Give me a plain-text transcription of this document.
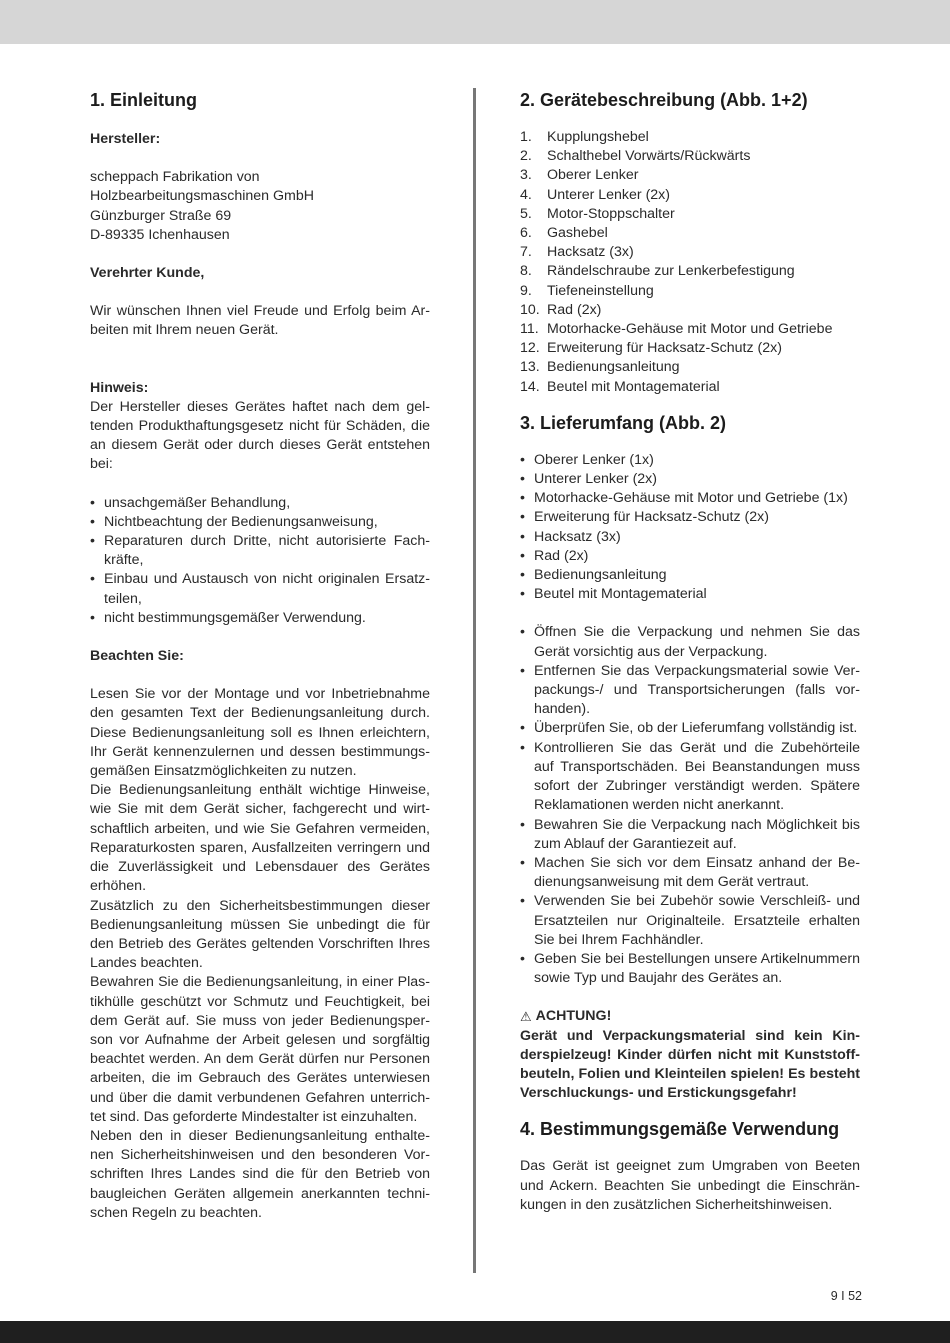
1. Einleitung

Hersteller:

scheppach Fabrikation von

Holzbearbeitungsmaschinen GmbH

Günzburger Straße 69

D-89335 Ichenhausen

Verehrter Kunde,

Wir wünschen Ihnen viel Freude und Erfolg beim Arbeiten mit Ihrem neuen Gerät.

Hinweis:

Der Hersteller dieses Gerätes haftet nach dem geltenden Produkthaftungsgesetz nicht für Schäden, die an diesem Gerät oder durch dieses Gerät entstehen bei:

• unsachgemäßer Behandlung,
• Nichtbeachtung der Bedienungsanweisung,
• Reparaturen durch Dritte, nicht autorisierte Fachkräfte,
• Einbau und Austausch von nicht originalen Ersatzteilen,
• nicht bestimmungsgemäßer Verwendung.

Beachten Sie:

Lesen Sie vor der Montage und vor Inbetriebnahme den gesamten Text der Bedienungsanleitung durch. Diese Bedienungsanleitung soll es Ihnen erleichtern, Ihr Gerät kennenzulernen und dessen bestimmungsgemäßen Einsatzmöglichkeiten zu nutzen.

Die Bedienungsanleitung enthält wichtige Hinweise, wie Sie mit dem Gerät sicher, fachgerecht und wirtschaftlich arbeiten, und wie Sie Gefahren vermeiden, Reparaturkosten sparen, Ausfallzeiten verringern und die Zuverlässigkeit und Lebensdauer des Gerätes erhöhen.

Zusätzlich zu den Sicherheitsbestimmungen dieser Bedienungsanleitung müssen Sie unbedingt die für den Betrieb des Gerätes geltenden Vorschriften Ihres Landes beachten.

Bewahren Sie die Bedienungsanleitung, in einer Plastikhülle geschützt vor Schmutz und Feuchtigkeit, bei dem Gerät auf. Sie muss von jeder Bedienungsperson vor Aufnahme der Arbeit gelesen und sorgfältig beachtet werden. An dem Gerät dürfen nur Personen arbeiten, die im Gebrauch des Gerätes unterwiesen und über die damit verbundenen Gefahren unterrichtet sind. Das geforderte Mindestalter ist einzuhalten.

Neben den in dieser Bedienungsanleitung enthaltenen Sicherheitshinweisen und den besonderen Vorschriften Ihres Landes sind die für den Betrieb von baugleichen Geräten allgemein anerkannten technischen Regeln zu beachten.

2. Gerätebeschreibung (Abb. 1+2)
1.	Kupplungshebel
2.	Schalthebel Vorwärts/Rückwärts
3.	Oberer Lenker
4.	Unterer Lenker (2x)
5.	Motor-Stoppschalter
6.	Gashebel
7.	Hacksatz (3x)
8.	Rändelschraube zur Lenkerbefestigung
9.	Tiefeneinstellung
10. Rad (2x)
11. Motorhacke-Gehäuse mit Motor und Getriebe
12. Erweiterung für Hacksatz-Schutz (2x)
13. Bedienungsanleitung
14. Beutel mit Montagematerial
3. Lieferumfang (Abb. 2)
• Oberer Lenker (1x)
• Unterer Lenker (2x)
• Motorhacke-Gehäuse mit Motor und Getriebe (1x)
• Erweiterung für Hacksatz-Schutz (2x)
• Hacksatz (3x)
• Rad (2x)
• Bedienungsanleitung
• Beutel mit Montagematerial
• Öffnen Sie die Verpackung und nehmen Sie das Gerät vorsichtig aus der Verpackung.
• Entfernen Sie das Verpackungsmaterial sowie Verpackungs-/ und Transportsicherungen (falls vorhanden).
• Überprüfen Sie, ob der Lieferumfang vollständig ist.
• Kontrollieren Sie das Gerät und die Zubehörteile auf Transportschäden. Bei Beanstandungen muss sofort der Zubringer verständigt werden. Spätere Reklamationen werden nicht anerkannt.
• Bewahren Sie die Verpackung nach Möglichkeit bis zum Ablauf der Garantiezeit auf.
• Machen Sie sich vor dem Einsatz anhand der Bedienungsanweisung mit dem Gerät vertraut.
• Verwenden Sie bei Zubehör sowie Verschleiß- und Ersatzteilen nur Originalteile. Ersatzteile erhalten Sie bei Ihrem Fachhändler.
• Geben Sie bei Bestellungen unsere Artikelnummern sowie Typ und Baujahr des Gerätes an.
⚠ ACHTUNG!

Gerät und Verpackungsmaterial sind kein Kinderspielzeug! Kinder dürfen nicht mit Kunststoffbeuteln, Folien und Kleinteilen spielen! Es besteht Verschluckungs- und Erstickungsgefahr!

4. Bestimmungsgemäße Verwendung

Das Gerät ist geeignet zum Umgraben von Beeten und Ackern. Beachten Sie unbedingt die Einschränkungen in den zusätzlichen Sicherheitshinweisen.

9 I 52
